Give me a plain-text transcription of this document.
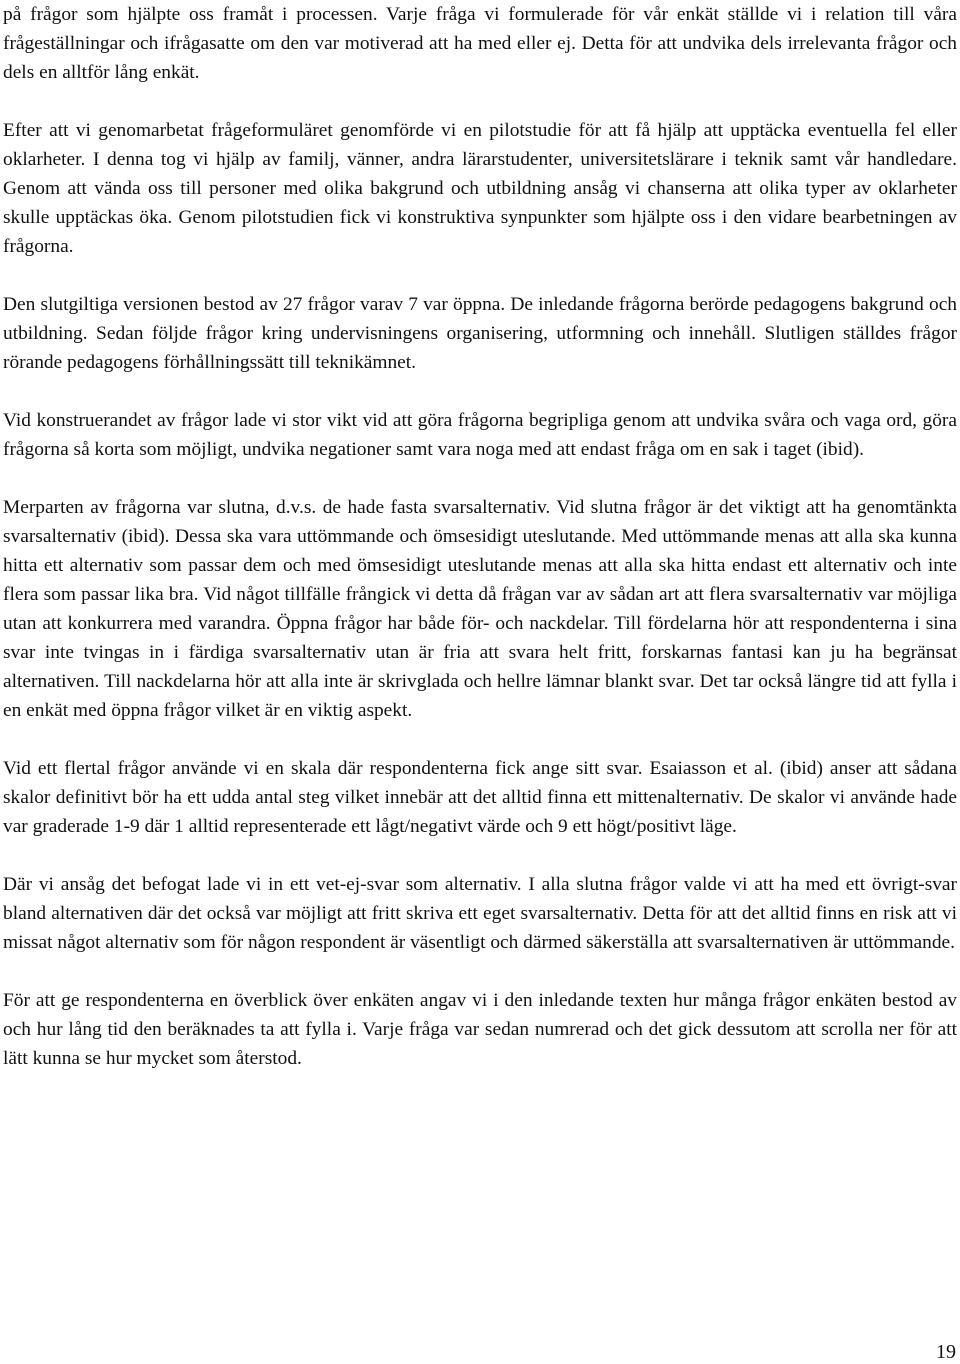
på frågor som hjälpte oss framåt i processen. Varje fråga vi formulerade för vår enkät ställde vi i relation till våra frågeställningar och ifrågasatte om den var motiverad att ha med eller ej. Detta för att undvika dels irrelevanta frågor och dels en alltför lång enkät.

Efter att vi genomarbetat frågeformuläret genomförde vi en pilotstudie för att få hjälp att upptäcka eventuella fel eller oklarheter. I denna tog vi hjälp av familj, vänner, andra lärarstudenter, universitetslärare i teknik samt vår handledare. Genom att vända oss till personer med olika bakgrund och utbildning ansåg vi chanserna att olika typer av oklarheter skulle upptäckas öka. Genom pilotstudien fick vi konstruktiva synpunkter som hjälpte oss i den vidare bearbetningen av frågorna.

Den slutgiltiga versionen bestod av 27 frågor varav 7 var öppna. De inledande frågorna berörde pedagogens bakgrund och utbildning. Sedan följde frågor kring undervisningens organisering, utformning och innehåll. Slutligen ställdes frågor rörande pedagogens förhållningssätt till teknikämnet.

Vid konstruerandet av frågor lade vi stor vikt vid att göra frågorna begripliga genom att undvika svåra och vaga ord, göra frågorna så korta som möjligt, undvika negationer samt vara noga med att endast fråga om en sak i taget (ibid).

Merparten av frågorna var slutna, d.v.s. de hade fasta svarsalternativ. Vid slutna frågor är det viktigt att ha genomtänkta svarsalternativ (ibid). Dessa ska vara uttömmande och ömsesidigt uteslutande. Med uttömmande menas att alla ska kunna hitta ett alternativ som passar dem och med ömsesidigt uteslutande menas att alla ska hitta endast ett alternativ och inte flera som passar lika bra. Vid något tillfälle frångick vi detta då frågan var av sådan art att flera svarsalternativ var möjliga utan att konkurrera med varandra. Öppna frågor har både för- och nackdelar. Till fördelarna hör att respondenterna i sina svar inte tvingas in i färdiga svarsalternativ utan är fria att svara helt fritt, forskarnas fantasi kan ju ha begränsat alternativen. Till nackdelarna hör att alla inte är skrivglada och hellre lämnar blankt svar. Det tar också längre tid att fylla i en enkät med öppna frågor vilket är en viktig aspekt.

Vid ett flertal frågor använde vi en skala där respondenterna fick ange sitt svar. Esaiasson et al. (ibid) anser att sådana skalor definitivt bör ha ett udda antal steg vilket innebär att det alltid finna ett mittenalternativ. De skalor vi använde hade var graderade 1-9 där 1 alltid representerade ett lågt/negativt värde och 9 ett högt/positivt läge.

Där vi ansåg det befogat lade vi in ett vet-ej-svar som alternativ. I alla slutna frågor valde vi att ha med ett övrigt-svar bland alternativen där det också var möjligt att fritt skriva ett eget svarsalternativ. Detta för att det alltid finns en risk att vi missat något alternativ som för någon respondent är väsentligt och därmed säkerställa att svarsalternativen är uttömmande.

För att ge respondenterna en överblick över enkäten angav vi i den inledande texten hur många frågor enkäten bestod av och hur lång tid den beräknades ta att fylla i. Varje fråga var sedan numrerad och det gick dessutom att scrolla ner för att lätt kunna se hur mycket som återstod.

19
